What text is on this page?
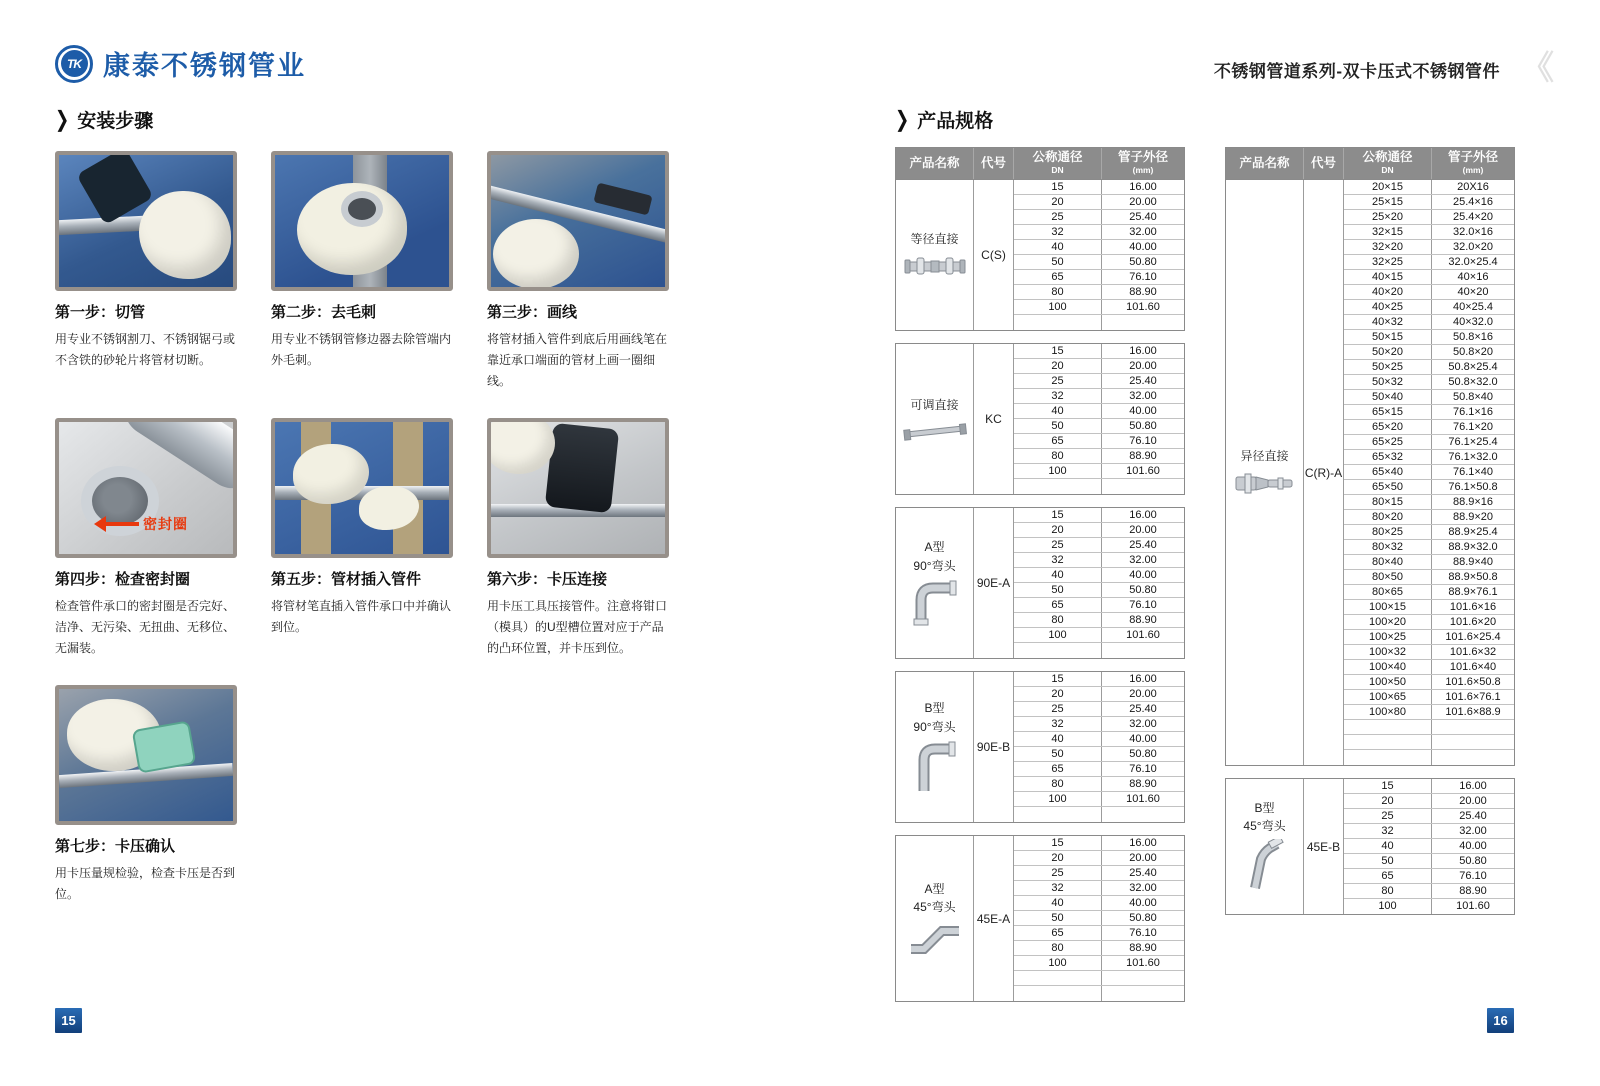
TK 康泰不锈钢管业	不锈钢管道系列-双卡压式不锈钢管件 《
❯ 安装步骤
第一步：切管

用专业不锈钢割刀、不锈钢锯弓或不含铁的砂轮片将管材切断。

第二步：去毛刺

用专业不锈钢管修边器去除管端内外毛刺。

第三步：画线

将管材插入管件到底后用画线笔在靠近承口端面的管材上画一圈细线。

密封圈
第四步：检查密封圈

检查管件承口的密封圈是否完好、洁净、无污染、无扭曲、无移位、无漏装。

第五步：管材插入管件

将管材笔直插入管件承口中并确认到位。

第六步：卡压连接

用卡压工具压接管件。注意将钳口（模具）的U型槽位置对应于产品的凸环位置，并卡压到位。

第七步：卡压确认

用卡压量规检验，检查卡压是否到位。

❯ 产品规格
产品名称 代号 公称通径
DN
管子外径
(mm)
等径直接
C(S)
15	16.00
20	20.00
25	25.40
32	32.00
40	40.00
50	50.80
65	76.10
80	88.90
100	101.60
可调直接
KC
15	16.00
20	20.00
25	25.40
32	32.00
40	40.00
50	50.80
65	76.10
80	88.90
100	101.60
A型
90°弯头
90E-A
15	16.00
20	20.00
25	25.40
32	32.00
40	40.00
50	50.80
65	76.10
80	88.90
100	101.60
B型
90°弯头
90E-B
15	16.00
20	20.00
25	25.40
32	32.00
40	40.00
50	50.80
65	76.10
80	88.90
100	101.60
A型
45°弯头
45E-A
15	16.00
20	20.00
25	25.40
32	32.00
40	40.00
50	50.80
65	76.10
80	88.90
100	101.60
产品名称 代号 公称通径
DN
管子外径
(mm)
异径直接
C(R)-A
20×15	20X16
25×15	25.4×16
25×20	25.4×20
32×15	32.0×16
32×20	32.0×20
32×25	32.0×25.4
40×15	40×16
40×20	40×20
40×25	40×25.4
40×32	40×32.0
50×15	50.8×16
50×20	50.8×20
50×25	50.8×25.4
50×32	50.8×32.0
50×40	50.8×40
65×15	76.1×16
65×20	76.1×20
65×25	76.1×25.4
65×32	76.1×32.0
65×40	76.1×40
65×50	76.1×50.8
80×15	88.9×16
80×20	88.9×20
80×25	88.9×25.4
80×32	88.9×32.0
80×40	88.9×40
80×50	88.9×50.8
80×65	88.9×76.1
100×15	101.6×16
100×20	101.6×20
100×25	101.6×25.4
100×32	101.6×32
100×40	101.6×40
100×50	101.6×50.8
100×65	101.6×76.1
100×80	101.6×88.9
B型
45°弯头
45E-B
15	16.00
20	20.00
25	25.40
32	32.00
40	40.00
50	50.80
65	76.10
80	88.90
100	101.60
15	16
